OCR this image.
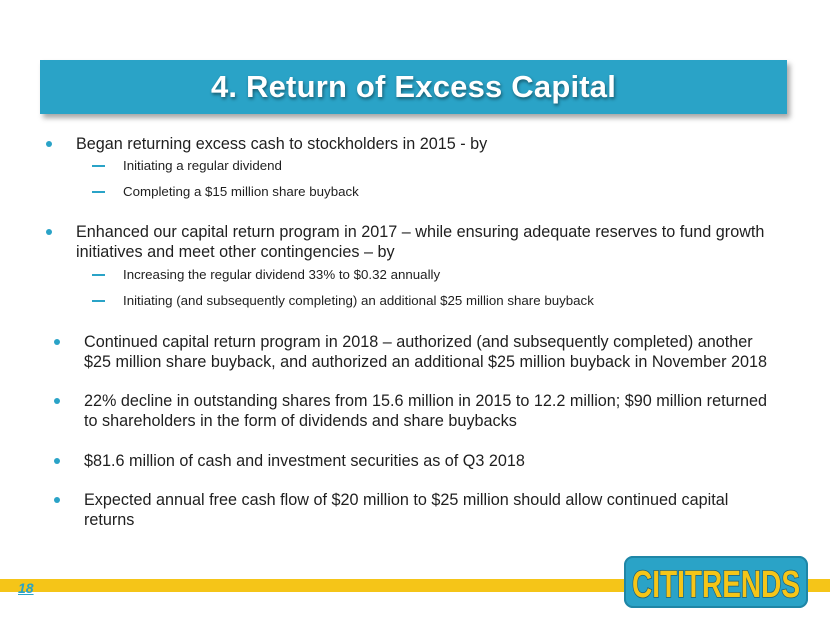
4. Return of Excess Capital
Began returning excess cash to stockholders in 2015 - by
Initiating a regular dividend
Completing a $15 million share buyback
Enhanced our capital return program in 2017 – while ensuring adequate reserves to fund growth
initiatives and meet other contingencies – by
Increasing the regular dividend 33% to $0.32 annually
Initiating (and subsequently completing) an additional $25 million share buyback
Continued capital return program in 2018 – authorized (and subsequently completed) another
$25 million share buyback, and authorized an additional $25 million buyback in November 2018
22% decline in outstanding shares from 15.6 million in 2015 to 12.2 million; $90 million returned
to shareholders in the form of dividends and share buybacks
$81.6 million of cash and investment securities as of Q3 2018
Expected annual free cash flow of $20 million to $25 million should allow continued capital
returns
18	CITITRENDS
